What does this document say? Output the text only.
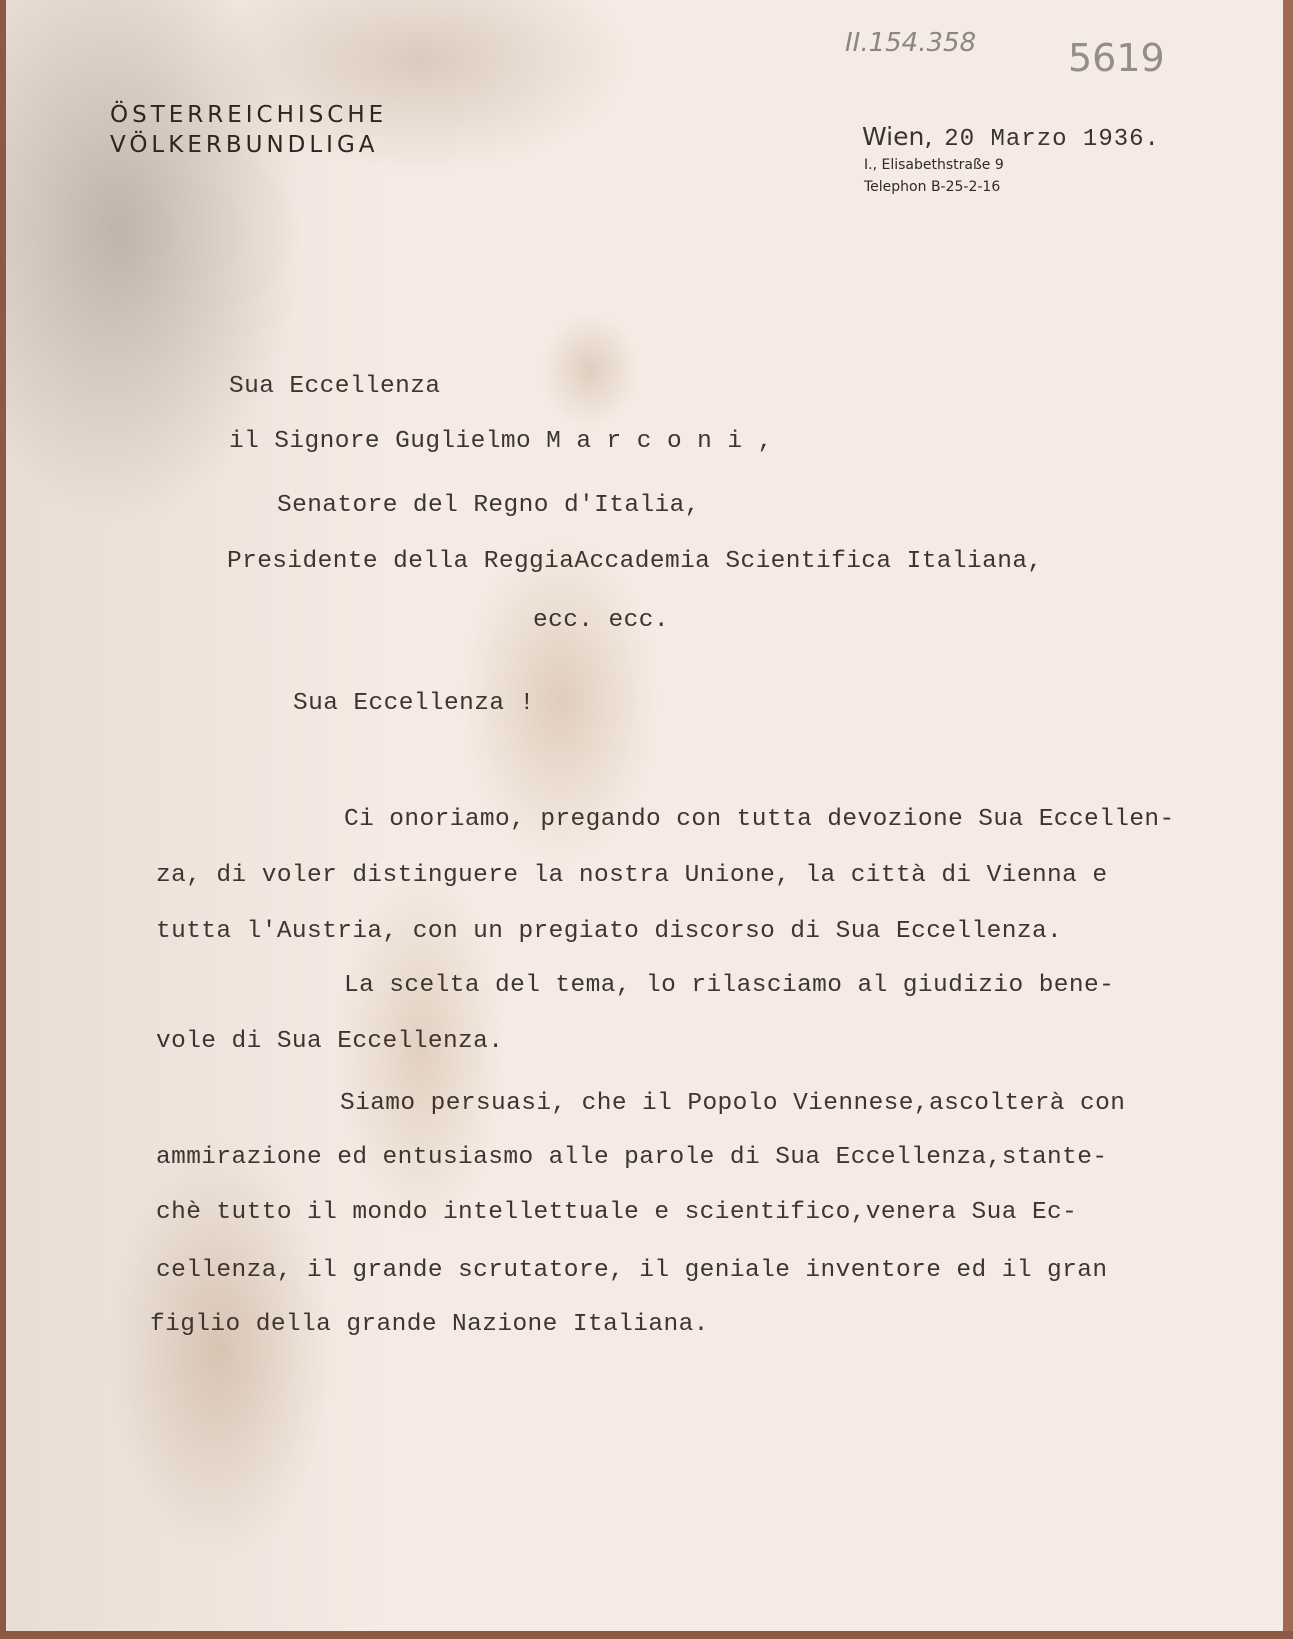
II.154.358 5619
ÖSTERREICHISCHE
VÖLKERBUNDLIGA	Wien, 20 Marzo 1936.
I., Elisabethstraße 9
Telephon B-25-2-16
Sua Eccellenza
il Signore Guglielmo M a r c o n i ,
Senatore del Regno d'Italia,
Presidente della ReggiaAccademia Scientifica Italiana,
ecc. ecc.
Sua Eccellenza !
Ci onoriamo, pregando con tutta devozione Sua Eccellen-
za, di voler distinguere la nostra Unione, la città di Vienna e
tutta l'Austria, con un pregiato discorso di Sua Eccellenza.
La scelta del tema, lo rilasciamo al giudizio bene-
vole di Sua Eccellenza.
Siamo persuasi, che il Popolo Viennese,ascolterà con
ammirazione ed entusiasmo alle parole di Sua Eccellenza,stante-
chè tutto il mondo intellettuale e scientifico,venera Sua Ec-
cellenza, il grande scrutatore, il geniale inventore ed il gran
figlio della grande Nazione Italiana.
